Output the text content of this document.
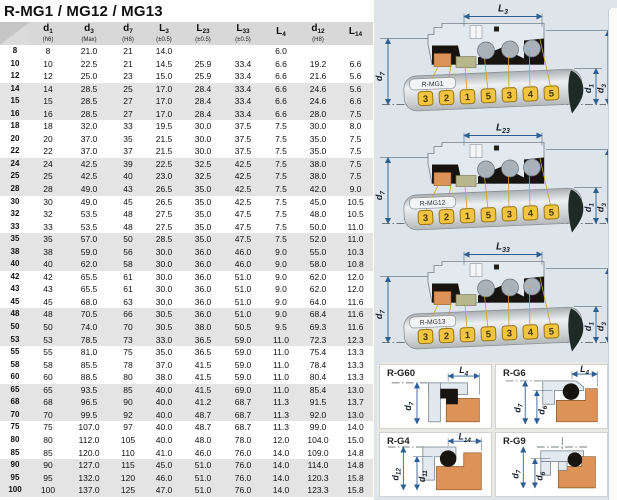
R-MG1 / MG12 / MG13

$d_1$
(h6)

$d_3$
(Max)

$d_7$
(H8)

$L_3$
(±0.5)

$L_{23}$
(±0.5)

$L_{33}$
(±0.5)

$L_4$

$d_{12}$
(H8)

$L_{14}$

8	8	21.0	21	14.0			6.0		
10	10	22.5	21	14.5	25.9	33.4	6.6	19.2	6.6
12	12	25.0	23	15.0	25.9	33.4	6.6	21.6	5.6
14	14	28.5	25	17.0	28.4	33.4	6.6	24.6	5.6
15	15	28.5	27	17.0	28.4	33.4	6.6	24.6	6.6
16	16	28.5	27	17.0	28.4	33.4	6.6	28.0	7.5
18	18	32.0	33	19.5	30.0	37.5	7.5	30.0	8.0
20	20	37.0	35	21.5	30.0	37.5	7.5	35.0	7.5
22	22	37.0	37	21.5	30.0	37.5	7.5	35.0	7.5
24	24	42.5	39	22.5	32.5	42.5	7.5	38.0	7.5
25	25	42.5	40	23.0	32.5	42.5	7.5	38.0	7.5
28	28	49.0	43	26.5	35.0	42.5	7.5	42.0	9.0
30	30	49.0	45	26.5	35.0	42.5	7.5	45.0	10.5
32	32	53.5	48	27.5	35.0	47.5	7.5	48.0	10.5
33	33	53.5	48	27.5	35.0	47.5	7.5	50.0	11.0
35	35	57.0	50	28.5	35.0	47.5	7.5	52.0	11.0
38	38	59.0	56	30.0	36.0	46.0	9.0	55.0	10.3
40	40	62.0	58	30.0	36.0	46.0	9.0	58.0	10.8
42	42	65.5	61	30.0	36.0	51.0	9.0	62.0	12.0
43	43	65.5	61	30.0	36.0	51.0	9.0	62.0	12.0
45	45	68.0	63	30.0	36.0	51.0	9.0	64.0	11.6
48	48	70.5	66	30.5	36.0	51.0	9.0	68.4	11.6
50	50	74.0	70	30.5	38.0	50.5	9.5	69.3	11.6
53	53	78.5	73	33.0	36.5	59.0	11.0	72.3	12.3
55	55	81.0	75	35.0	36.5	59.0	11.0	75.4	13.3
58	58	85.5	78	37.0	41.5	59.0	11.0	78.4	13.3
60	60	88.5	80	38.0	41.5	59.0	11.0	80.4	13.3
65	65	93.5	85	40.0	41.5	69.0	11.0	85.4	13.0
68	68	96.5	90	40.0	41.2	68.7	11.3	91.5	13.7
70	70	99.5	92	40.0	48.7	68.7	11.3	92.0	13.0
75	75	107.0	97	40.0	48.7	68.7	11.3	99.0	14.0
80	80	112.0	105	40.0	48.0	78.0	12.0	104.0	15.0
85	85	120.0	110	41.0	46.0	76.0	14.0	109.0	14.8
90	90	127.0	115	45.0	51.0	76.0	14.0	114.0	14.8
95	95	132.0	120	46.0	51.0	76.0	14.0	120.3	15.8
100	100	137.0	125	47.0	51.0	76.0	14.0	123.3	15.8
$d_7$
$L_3$
R-MG1
3 2 1 5 3 4 5	$d_1$
$d_3$
$d_7$
$L_{23}$
R-MG12
3 2 1 5 3 4 5	$d_1$
$d_3$
$d_7$
$L_{33}$
R-MG13
3 2 1 5 3 4 5	$d_1$
$d_3$
R-G60	$L_4$
$d_7$
R-G6	$L_4$
$d_7$
$d_6$
R-G4	$L_{14}$
$d_{12}$
$d_{11}$
R-G9
$d_7$
$d_6$
